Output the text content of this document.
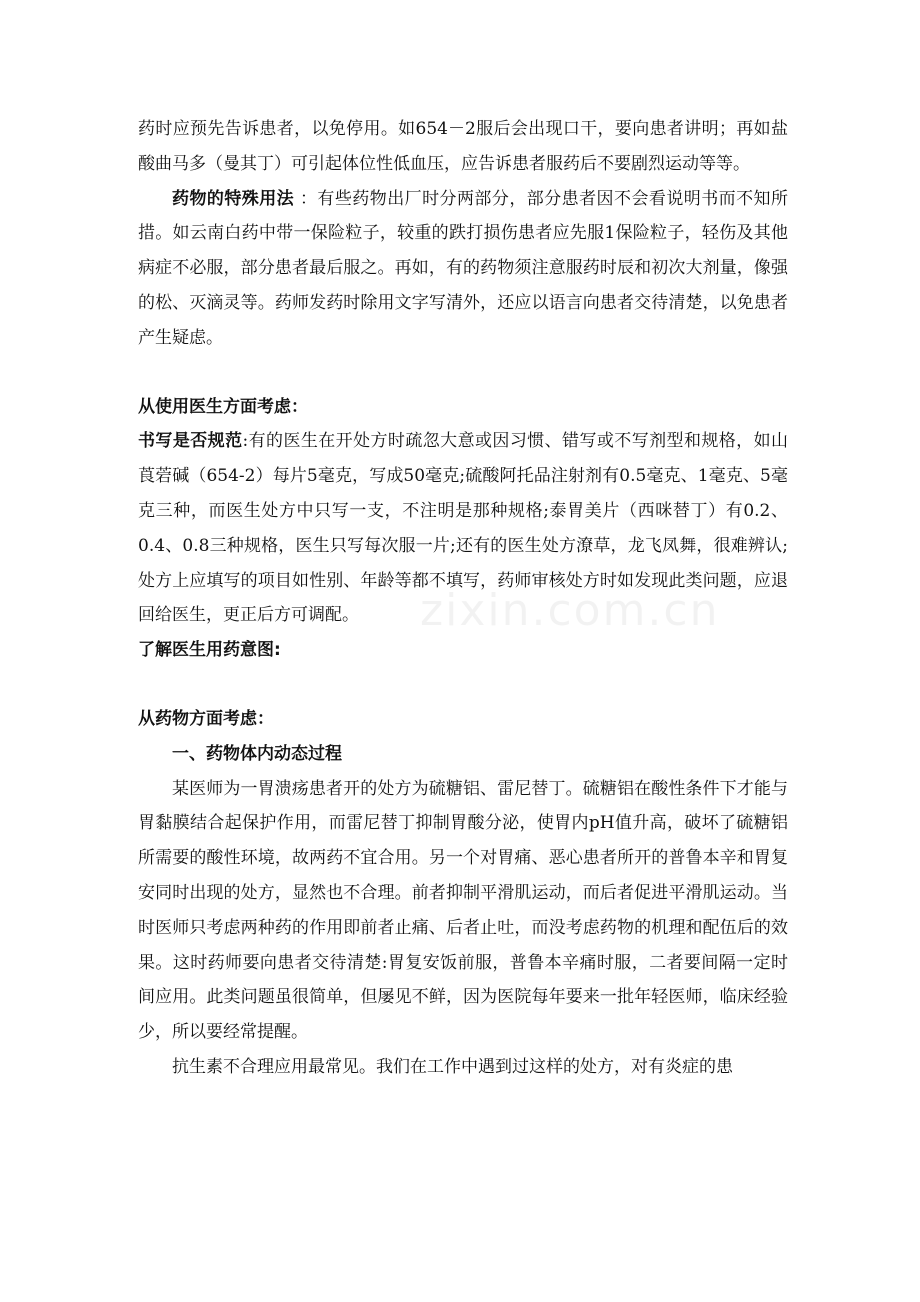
zixin.com.cn

药时应预先告诉患者，以免停用。如654－2服后会出现口干，要向患者讲明；再如盐酸曲马多（曼其丁）可引起体位性低血压，应告诉患者服药后不要剧烈运动等等。

药物的特殊用法 ：有些药物出厂时分两部分，部分患者因不会看说明书而不知所措。如云南白药中带一保险粒子，较重的跌打损伤患者应先服1保险粒子，轻伤及其他病症不必服，部分患者最后服之。再如，有的药物须注意服药时辰和初次大剂量，像强的松、灭滴灵等。药师发药时除用文字写清外，还应以语言向患者交待清楚，以免患者产生疑虑。

从使用医生方面考虑：

书写是否规范:有的医生在开处方时疏忽大意或因习惯、错写或不写剂型和规格，如山莨菪碱（654-2）每片5毫克，写成50毫克;硫酸阿托品注射剂有0.5毫克、1毫克、5毫克三种，而医生处方中只写一支，不注明是那种规格;泰胃美片（西咪替丁）有0.2、0.4、0.8三种规格，医生只写每次服一片;还有的医生处方潦草，龙飞凤舞，很难辨认;处方上应填写的项目如性别、年龄等都不填写，药师审核处方时如发现此类问题，应退回给医生，更正后方可调配。

了解医生用药意图:

从药物方面考虑：

一、药物体内动态过程

某医师为一胃溃疡患者开的处方为硫糖铝、雷尼替丁。硫糖铝在酸性条件下才能与胃黏膜结合起保护作用，而雷尼替丁抑制胃酸分泌，使胃内pH值升高，破坏了硫糖铝所需要的酸性环境，故两药不宜合用。另一个对胃痛、恶心患者所开的普鲁本辛和胃复安同时出现的处方，显然也不合理。前者抑制平滑肌运动，而后者促进平滑肌运动。当时医师只考虑两种药的作用即前者止痛、后者止吐，而没考虑药物的机理和配伍后的效果。这时药师要向患者交待清楚:胃复安饭前服，普鲁本辛痛时服，二者要间隔一定时间应用。此类问题虽很简单，但屡见不鲜，因为医院每年要来一批年轻医师，临床经验少，所以要经常提醒。

抗生素不合理应用最常见。我们在工作中遇到过这样的处方，对有炎症的患
